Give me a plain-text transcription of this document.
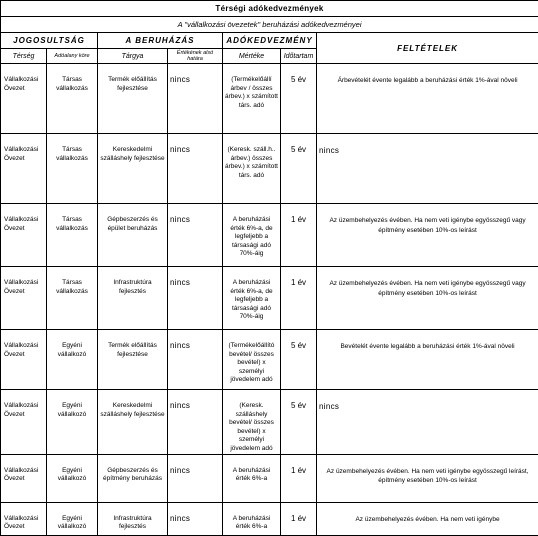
Térségi adókedvezmények						
A "vállalkozási övezetek" beruházási adókedvezményei						
JOGOSULTSÁG		A BERUHÁZÁS		ADÓKEDVEZMÉNY		FELTÉTELEK
Térség	Adóalany köre	Tárgya	Értékének alsó határa	Mértéke	Időtartam	
Vállalkozási Övezet	Társas vállalkozás	Termék előállítás fejlesztése	nincs	(Termékelőállí árbev / összes árbev.) x számított társ. adó	5 év	Árbevételét évente legalább a beruházási érték 1%-ával növeli
Vállalkozási Övezet	Társas vállalkozás	Kereskedelmi szálláshely fejlesztése	nincs	(Kere​sk. száll.h.. árbev.) összes árbev.) x számított társ. adó	5 év	nincs
Vállalkozási Övezet	Társas vállalkozás	Gépbeszerzés és épület beruházás	nincs	A beruházási érték 6%-a, de legfeljebb a társasági adó 70%-áig	1 év	Az üzembehelyezés évében. Ha nem veti igénybe egyösszegű vagy építmény esetében 10%-os leírást
Vállalkozási Övezet	Társas vállalkozás	Infrastruktúra fejlesztés	nincs	A beruházási érték 6%-a, de legfeljebb a társasági adó 70%-áig	1 év	Az üzembehelyezés évében. Ha nem veti igénybe egyösszegű vagy építmény esetében 10%-os leírást
Vállalkozási Övezet	Egyéni vállalkozó	Termék előállítás fejlesztése	nincs	(Termékelőállító bevétel/ összes bevétel) x személyi jövedelem adó	5 év	Bevételét évente legalább a beruházási érték 1%-ával növeli
Vállalkozási Övezet	Egyéni vállalkozó	Kereskedelmi szálláshely fejlesztése	nincs	(Keresk. szálláshely bevétel/ összes bevétel) x személyi jövedelem adó	5 év	nincs
Vállalkozási Övezet	Egyéni vállalkozó	Gépbeszerzés és építmény beruházás	nincs	A beruházási érték 6%-a	1 év	Az üzembehelyezés évében. Ha nem veti igénybe egyösszegű leírást, építmény esetében 10%-os leírást
Vállalkozási Övezet	Egyéni vállalkozó	Infrastruktúra fejlesztés	nincs	A beruházási érték 6%-a	1 év	Az üzembehelyezés évében. Ha nem veti igénybe
